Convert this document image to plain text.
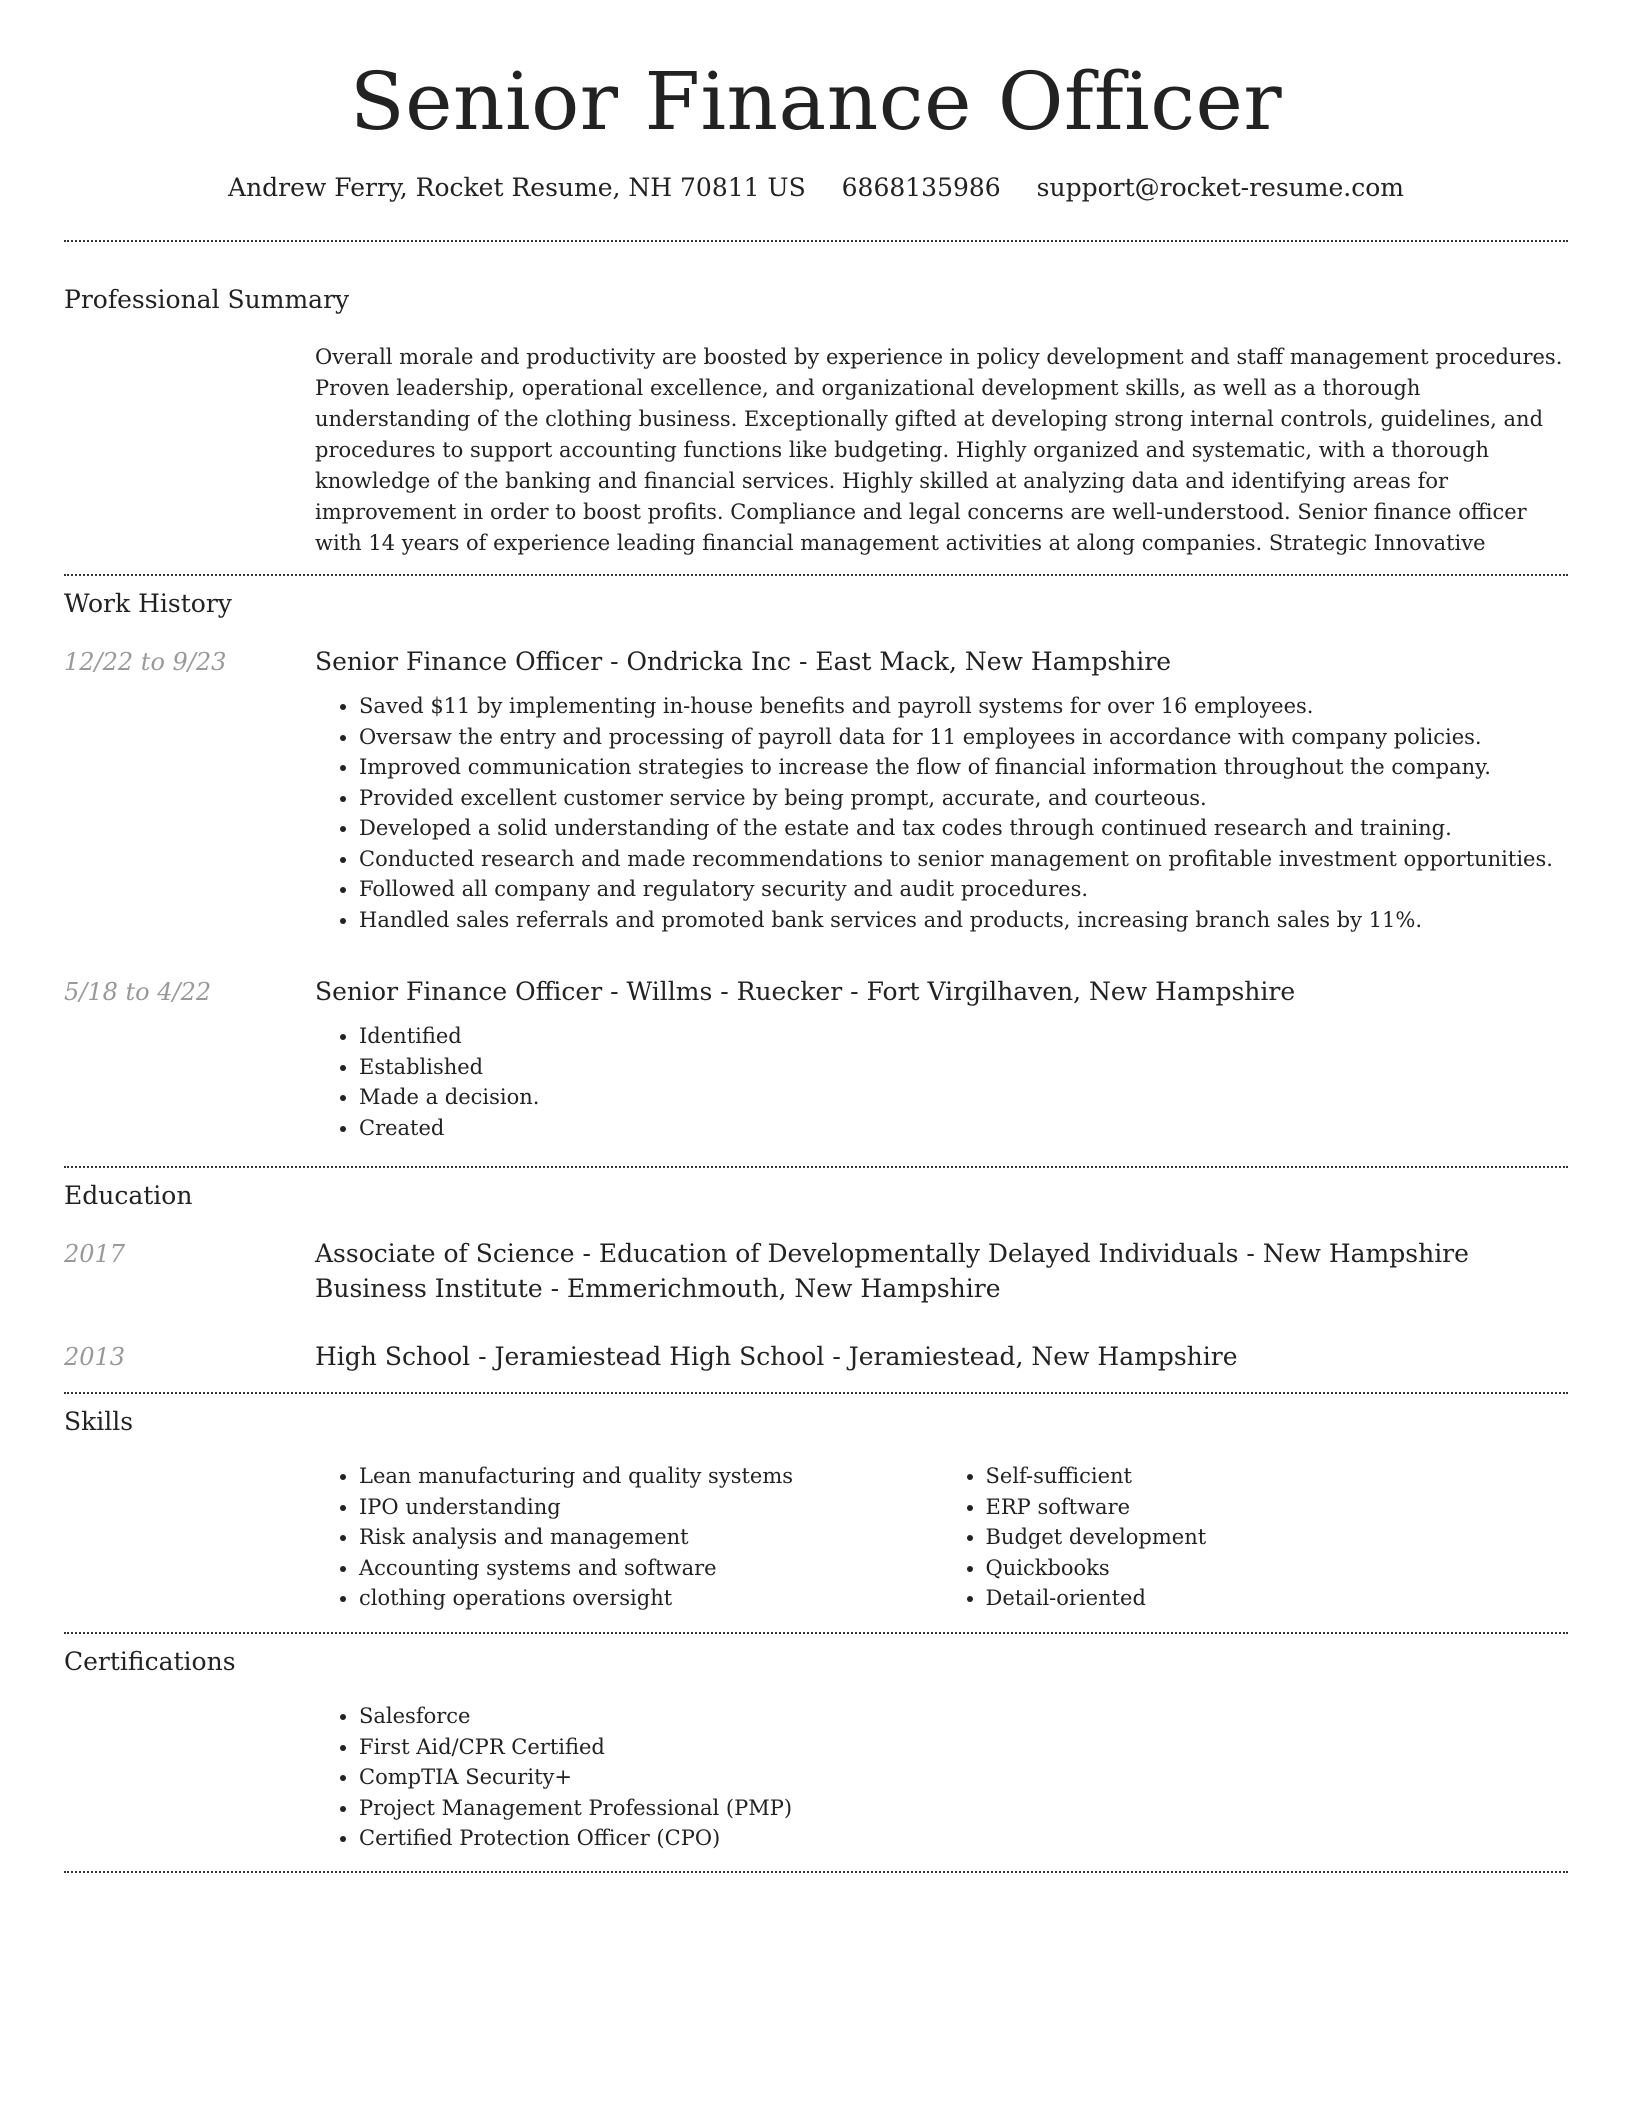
Senior Finance Officer
Andrew Ferry, Rocket Resume, NH 70811 US 6868135986 support@rocket-resume.com
Professional Summary

Overall morale and productivity are boosted by experience in policy development and staff management procedures. Proven leadership, operational excellence, and organizational development skills, as well as a thorough understanding of the clothing business. Exceptionally gifted at developing strong internal controls, guidelines, and procedures to support accounting functions like budgeting. Highly organized and systematic, with a thorough knowledge of the banking and financial services. Highly skilled at analyzing data and identifying areas for improvement in order to boost profits. Compliance and legal concerns are well-understood. Senior finance officer with 14 years of experience leading financial management activities at along companies. Strategic Innovative

Work History
12/22 to 9/23	Senior Finance Officer - Ondricka Inc - East Mack, New Hampshire

• Saved $11 by implementing in-house benefits and payroll systems for over 16 employees.
• Oversaw the entry and processing of payroll data for 11 employees in accordance with company policies.
• Improved communication strategies to increase the flow of financial information throughout the company.
• Provided excellent customer service by being prompt, accurate, and courteous.
• Developed a solid understanding of the estate and tax codes through continued research and training.
• Conducted research and made recommendations to senior management on profitable investment opportunities.
• Followed all company and regulatory security and audit procedures.
• Handled sales referrals and promoted bank services and products, increasing branch sales by 11%.
5/18 to 4/22	Senior Finance Officer - Willms - Ruecker - Fort Virgilhaven, New Hampshire

• Identified
• Established
• Made a decision.
• Created
Education
2017	Associate of Science - Education of Developmentally Delayed Individuals - New Hampshire Business Institute - Emmerichmouth, New Hampshire

2013	High School - Jeramiestead High School - Jeramiestead, New Hampshire

Skills
• Lean manufacturing and quality systems
• IPO understanding
• Risk analysis and management
• Accounting systems and software
• clothing operations oversight
• Self-sufficient
• ERP software
• Budget development
• Quickbooks
• Detail-oriented
Certifications
• Salesforce
• First Aid/CPR Certified
• CompTIA Security+
• Project Management Professional (PMP)
• Certified Protection Officer (CPO)
